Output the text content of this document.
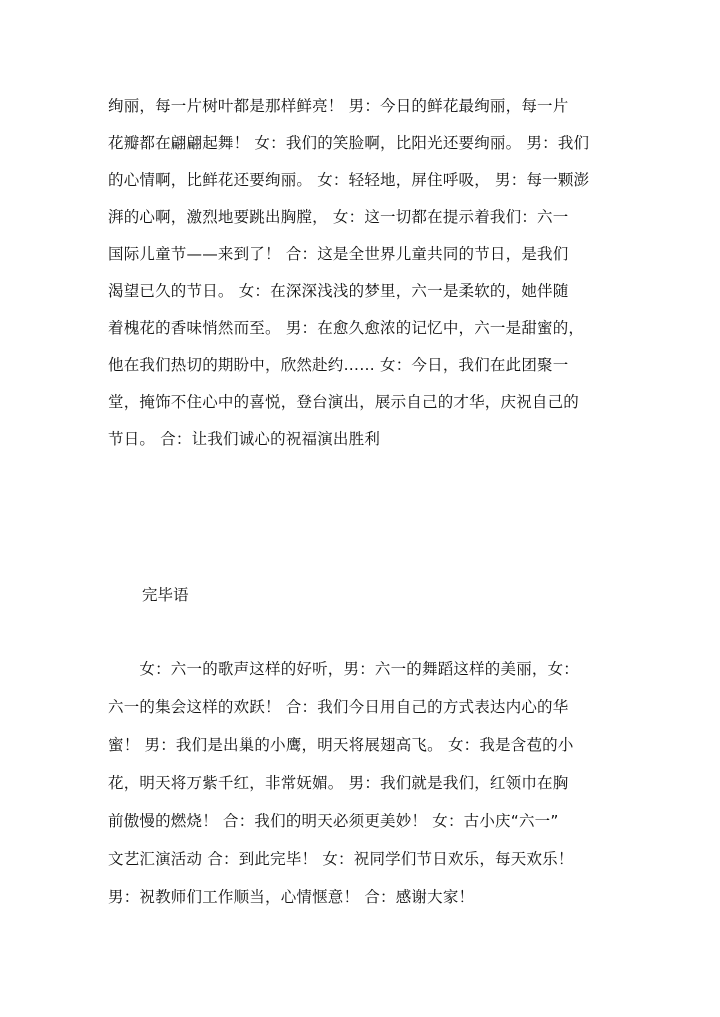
绚丽，每一片树叶都是那样鲜亮！ 男：今日的鲜花最绚丽，每一片
花瓣都在翩翩起舞！ 女：我们的笑脸啊，比阳光还要绚丽。 男：我们
的心情啊，比鲜花还要绚丽。 女：轻轻地，屏住呼吸， 男：每一颗澎
湃的心啊，激烈地要跳出胸膛， 女：这一切都在提示着我们：六一
国际儿童节——来到了！ 合：这是全世界儿童共同的节日，是我们
渴望已久的节日。 女：在深深浅浅的梦里，六一是柔软的，她伴随
着槐花的香味悄然而至。 男：在愈久愈浓的记忆中，六一是甜蜜的，
他在我们热切的期盼中，欣然赴约…… 女：今日，我们在此团聚一
堂，掩饰不住心中的喜悦，登台演出，展示自己的才华，庆祝自己的
节日。 合：让我们诚心的祝福演出胜利
完毕语
　　女：六一的歌声这样的好听，男：六一的舞蹈这样的美丽，女：
六一的集会这样的欢跃！ 合：我们今日用自己的方式表达内心的华
蜜！ 男：我们是出巢的小鹰，明天将展翅高飞。 女：我是含苞的小
花，明天将万紫千红，非常妩媚。 男：我们就是我们，红领巾在胸
前傲慢的燃烧！ 合：我们的明天必须更美妙！ 女：古小庆“六一”
文艺汇演活动 合：到此完毕！ 女：祝同学们节日欢乐，每天欢乐！
男：祝教师们工作顺当，心情惬意！ 合：感谢大家！
